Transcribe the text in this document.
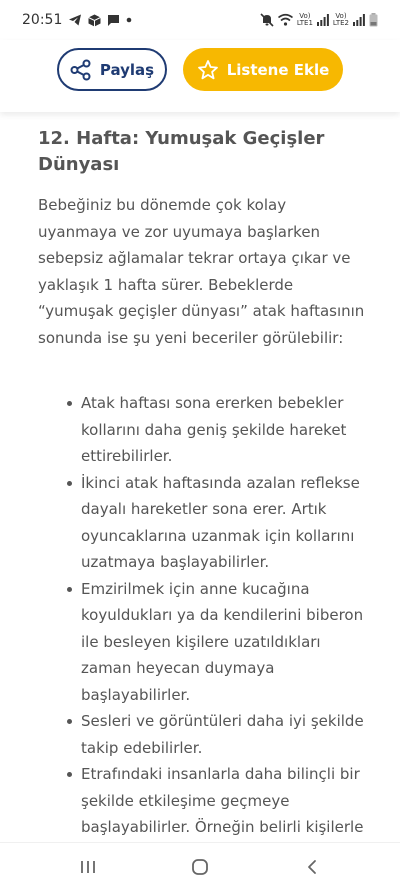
20:51	Vo)
LTE1
Vo)
LTE2
Paylaş	Listene Ekle
12. Hafta: Yumuşak Geçişler Dünyası
Bebeğiniz bu dönemde çok kolay uyanmaya ve zor uyumaya başlarken sebepsiz ağlamalar tekrar ortaya çıkar ve yaklaşık 1 hafta sürer. Bebeklerde “yumuşak geçişler dünyası” atak haftasının sonunda ise şu yeni beceriler görülebilir:
Atak haftası sona ererken bebekler kollarını daha geniş şekilde hareket ettirebilirler.
İkinci atak haftasında azalan reflekse dayalı hareketler sona erer. Artık oyuncaklarına uzanmak için kollarını uzatmaya başlayabilirler.
Emzirilmek için anne kucağına koyuldukları ya da kendilerini biberon ile besleyen kişilere uzatıldıkları zaman heyecan duymaya başlayabilirler.
Sesleri ve görüntüleri daha iyi şekilde takip edebilirler.
Etrafındaki insanlarla daha bilinçli bir şekilde etkileşime geçmeye başlayabilirler. Örneğin belirli kişilerle
